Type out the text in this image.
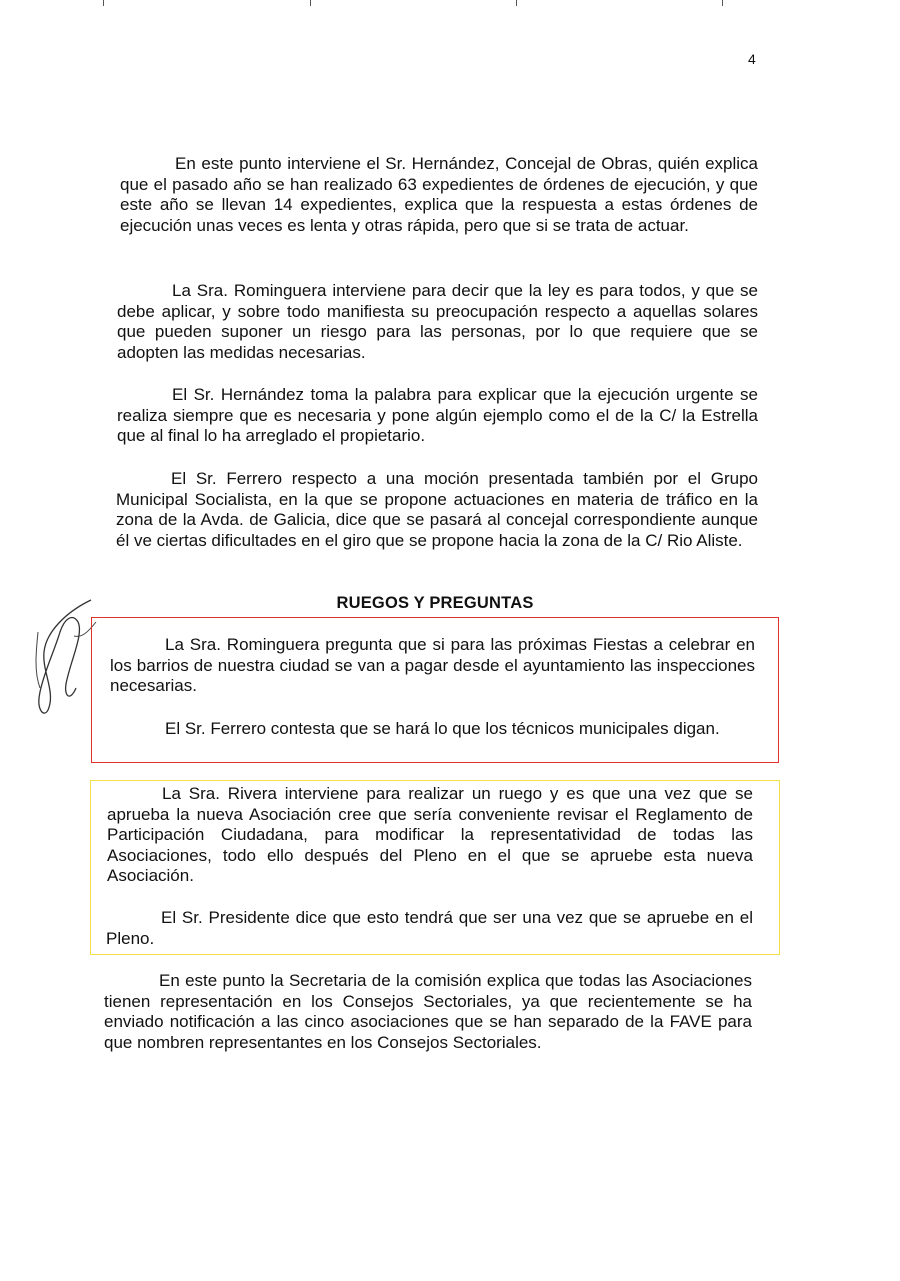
4

En este punto interviene el Sr. Hernández, Concejal de Obras, quién explica que el pasado año se han realizado 63 expedientes de órdenes de ejecución, y que este año se llevan 14 expedientes, explica que la respuesta a estas órdenes de ejecución unas veces es lenta y otras rápida, pero que si se trata de actuar.

La Sra. Rominguera interviene para decir que la ley es para todos, y que se debe aplicar, y sobre todo manifiesta su preocupación respecto a aquellas solares que pueden suponer un riesgo para las personas, por lo que requiere que se adopten las medidas necesarias.

El Sr. Hernández toma la palabra para explicar que la ejecución urgente se realiza siempre que es necesaria y pone algún ejemplo como el de la C/ la Estrella que al final lo ha arreglado el propietario.

El Sr. Ferrero respecto a una moción presentada también por el Grupo Municipal Socialista, en la que se propone actuaciones en materia de tráfico en la zona de la Avda. de Galicia, dice que se pasará al concejal correspondiente aunque él ve ciertas dificultades en el giro que se propone hacia la zona de la C/ Rio Aliste.

RUEGOS Y PREGUNTAS

La Sra. Rominguera pregunta que si para las próximas Fiestas a celebrar en los barrios de nuestra ciudad se van a pagar desde el ayuntamiento las inspecciones necesarias.

El Sr. Ferrero contesta que se hará lo que los técnicos municipales digan.

La Sra. Rivera interviene para realizar un ruego y es que una vez que se aprueba la nueva Asociación cree que sería conveniente revisar el Reglamento de Participación Ciudadana, para modificar la representatividad de todas las Asociaciones, todo ello después del Pleno en el que se apruebe esta nueva Asociación.

El Sr. Presidente dice que esto tendrá que ser una vez que se apruebe en el Pleno.

En este punto la Secretaria de la comisión explica que todas las Asociaciones tienen representación en los Consejos Sectoriales, ya que recientemente se ha enviado notificación a las cinco asociaciones que se han separado de la FAVE para que nombren representantes en los Consejos Sectoriales.
